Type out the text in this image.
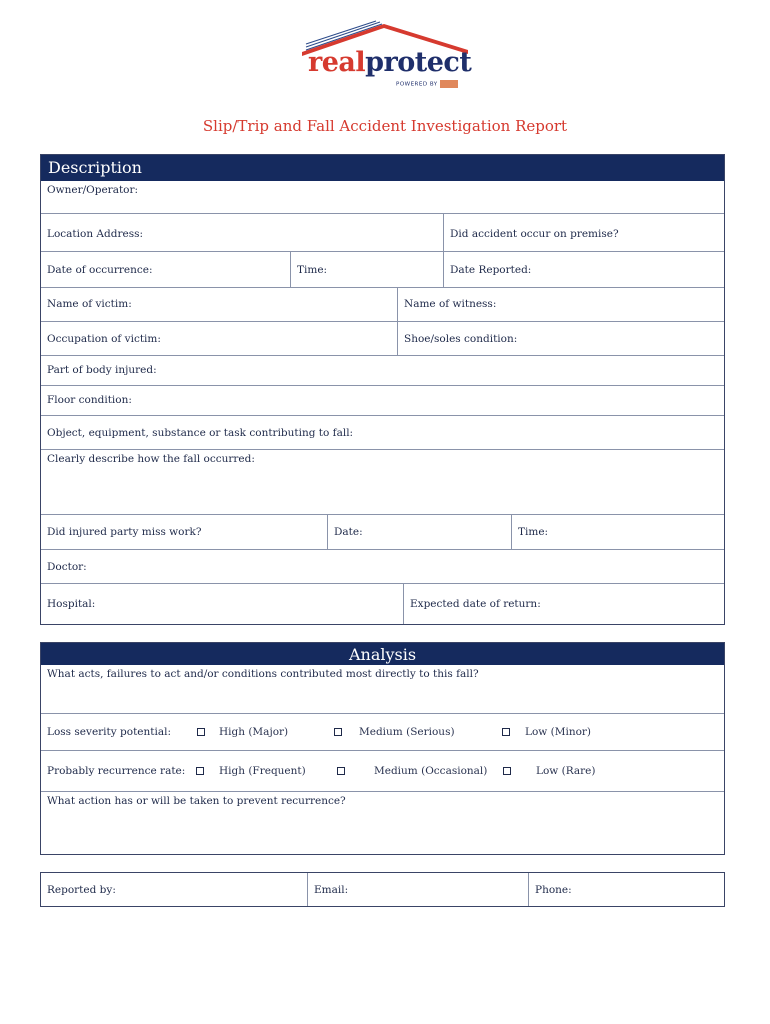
realprotect
POWERED BY
Slip/Trip and Fall Accident Investigation Report
Description
Owner/Operator:
Location Address:	Did accident occur on premise?
Date of occurrence:	Time:	Date Reported:
Name of victim:	Name of witness:
Occupation of victim:	Shoe/soles condition:
Part of body injured:
Floor condition:
Object, equipment, substance or task contributing to fall:
Clearly describe how the fall occurred:
Did injured party miss work?	Date:	Time:
Doctor:
Hospital:	Expected date of return:
Analysis
What acts, failures to act and/or conditions contributed most directly to this fall?
Loss severity potential:	High (Major)	Medium (Serious)	Low (Minor)
Probably recurrence rate:	High (Frequent)	Medium (Occasional)	Low (Rare)
What action has or will be taken to prevent recurrence?
Reported by:	Email:	Phone:
